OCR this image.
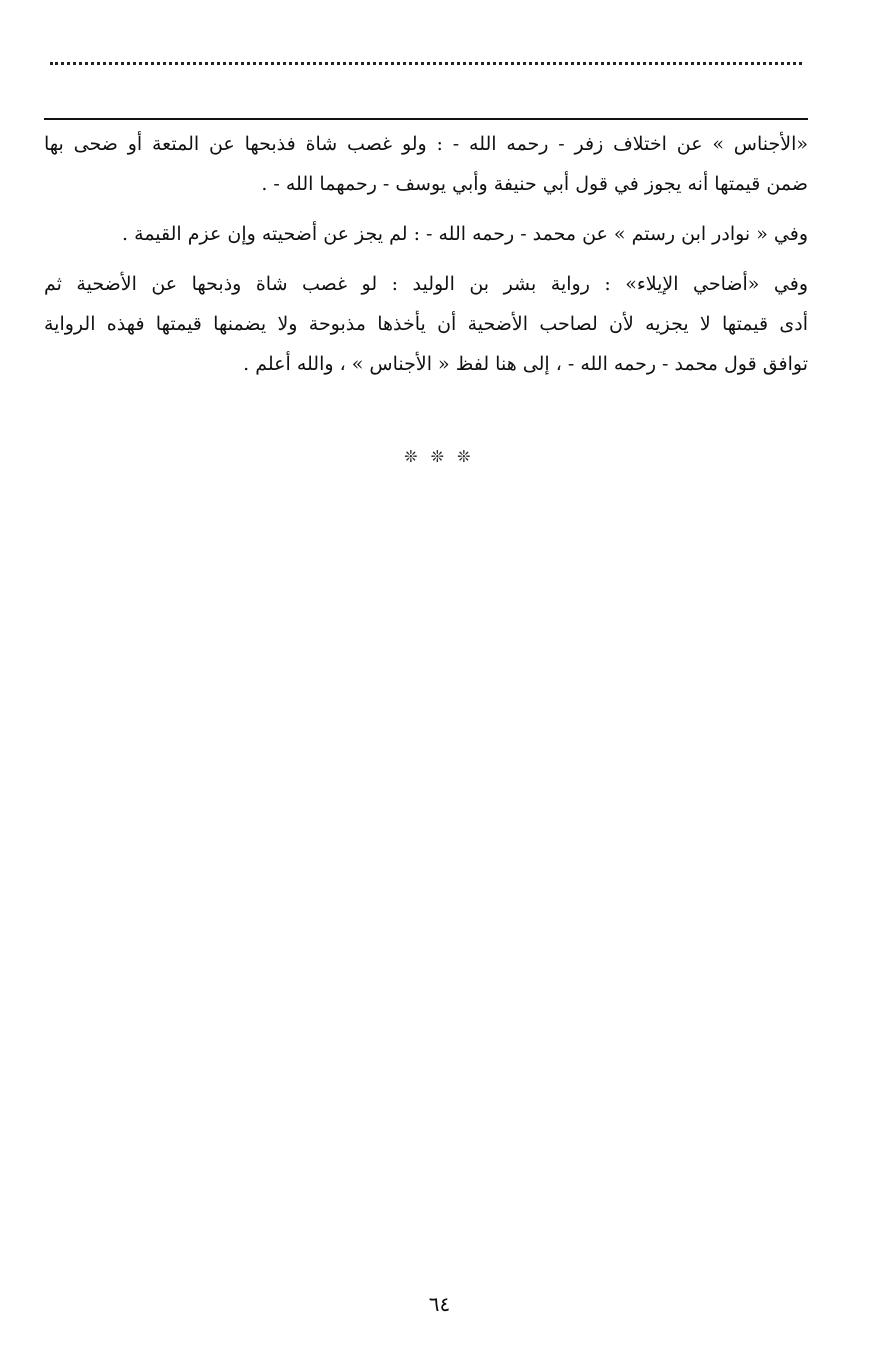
«الأجناس » عن اختلاف زفر - رحمه الله - : ولو غصب شاة فذبحها عن المتعة أو ضحى بها
ضمن قيمتها أنه يجوز في قول أبي حنيفة وأبي يوسف - رحمهما الله - .
وفي « نوادر ابن رستم » عن محمد - رحمه الله - : لم يجز عن أضحيته وإن عزم القيمة .
وفي «أضاحي الإيلاء» : رواية بشر بن الوليد : لو غصب شاة وذبحها عن الأضحية ثم
أدى قيمتها لا يجزيه لأن لصاحب الأضحية أن يأخذها مذبوحة ولا يضمنها قيمتها فهذه الرواية
توافق قول محمد - رحمه الله - ، إلى هنا لفظ « الأجناس » ، والله أعلم .
❊ ❊ ❊
٦٤
